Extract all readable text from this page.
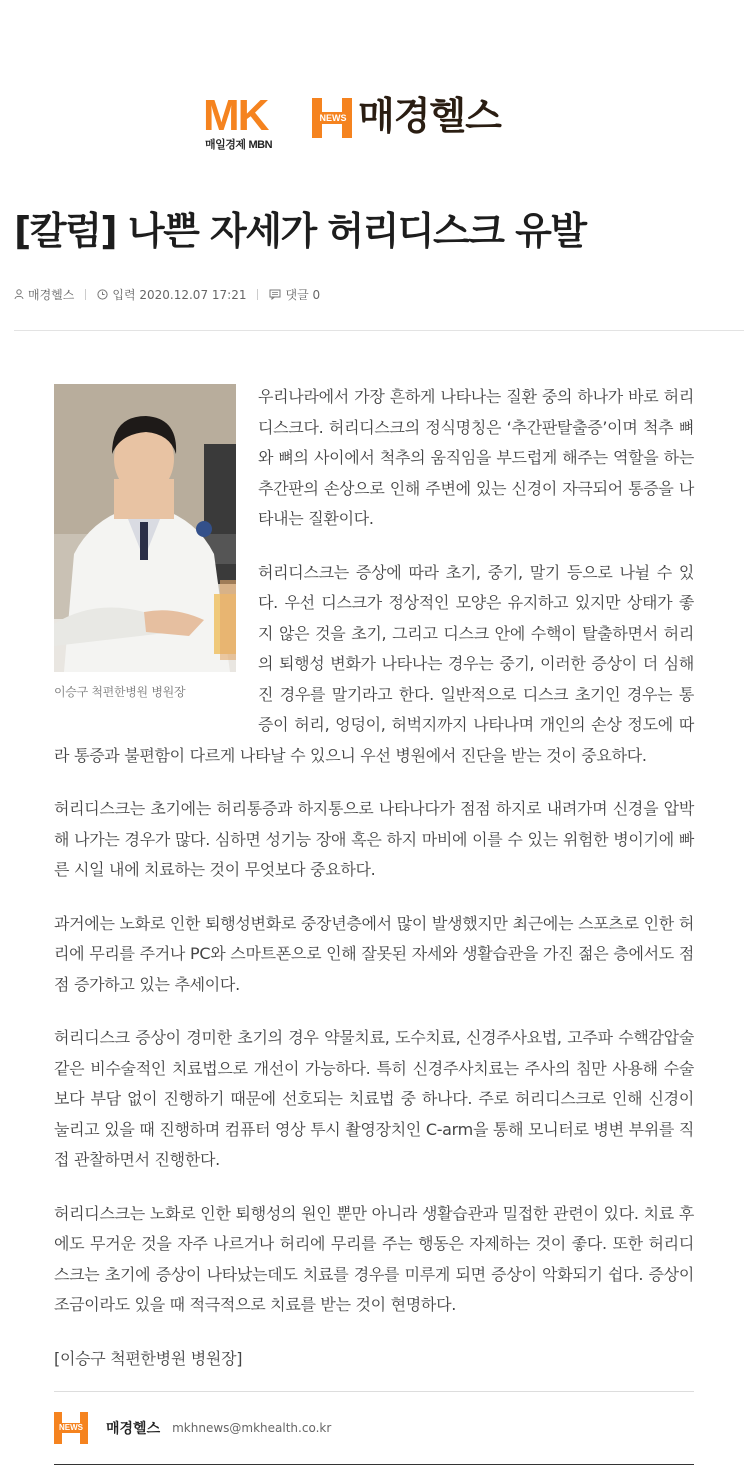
MK
매일경제 MBN
NEWS 매경헬스
[칼럼] 나쁜 자세가 허리디스크 유발
매경헬스	입력 2020.12.07 17:21	댓글 0
이승구 척편한병원 병원장

우리나라에서 가장 흔하게 나타나는 질환 중의 하나가 바로 허리디스크다. 허리디스크의 정식명칭은 ‘추간판탈출증’이며 척추 뼈와 뼈의 사이에서 척추의 움직임을 부드럽게 해주는 역할을 하는 추간판의 손상으로 인해 주변에 있는 신경이 자극되어 통증을 나타내는 질환이다.

허리디스크는 증상에 따라 초기, 중기, 말기 등으로 나뉠 수 있다. 우선 디스크가 정상적인 모양은 유지하고 있지만 상태가 좋지 않은 것을 초기, 그리고 디스크 안에 수핵이 탈출하면서 허리의 퇴행성 변화가 나타나는 경우는 중기, 이러한 증상이 더 심해진 경우를 말기라고 한다. 일반적으로 디스크 초기인 경우는 통증이 허리, 엉덩이, 허벅지까지 나타나며 개인의 손상 정도에 따라 통증과 불편함이 다르게 나타날 수 있으니 우선 병원에서 진단을 받는 것이 중요하다.

허리디스크는 초기에는 허리통증과 하지통으로 나타나다가 점점 하지로 내려가며 신경을 압박해 나가는 경우가 많다. 심하면 성기능 장애 혹은 하지 마비에 이를 수 있는 위험한 병이기에 빠른 시일 내에 치료하는 것이 무엇보다 중요하다.

과거에는 노화로 인한 퇴행성변화로 중장년층에서 많이 발생했지만 최근에는 스포츠로 인한 허리에 무리를 주거나 PC와 스마트폰으로 인해 잘못된 자세와 생활습관을 가진 젊은 층에서도 점점 증가하고 있는 추세이다.

허리디스크 증상이 경미한 초기의 경우 약물치료, 도수치료, 신경주사요법, 고주파 수핵감압술 같은 비수술적인 치료법으로 개선이 가능하다. 특히 신경주사치료는 주사의 침만 사용해 수술보다 부담 없이 진행하기 때문에 선호되는 치료법 중 하나다. 주로 허리디스크로 인해 신경이 눌리고 있을 때 진행하며 컴퓨터 영상 투시 촬영장치인 C-arm을 통해 모니터로 병변 부위를 직접 관찰하면서 진행한다.

허리디스크는 노화로 인한 퇴행성의 원인 뿐만 아니라 생활습관과 밀접한 관련이 있다. 치료 후에도 무거운 것을 자주 나르거나 허리에 무리를 주는 행동은 자제하는 것이 좋다. 또한 허리디스크는 초기에 증상이 나타났는데도 치료를 경우를 미루게 되면 증상이 악화되기 쉽다. 증상이 조금이라도 있을 때 적극적으로 치료를 받는 것이 현명하다.

[이승구 척편한병원 병원장]

NEWS 매경헬스 mkhnews@mkhealth.co.kr
